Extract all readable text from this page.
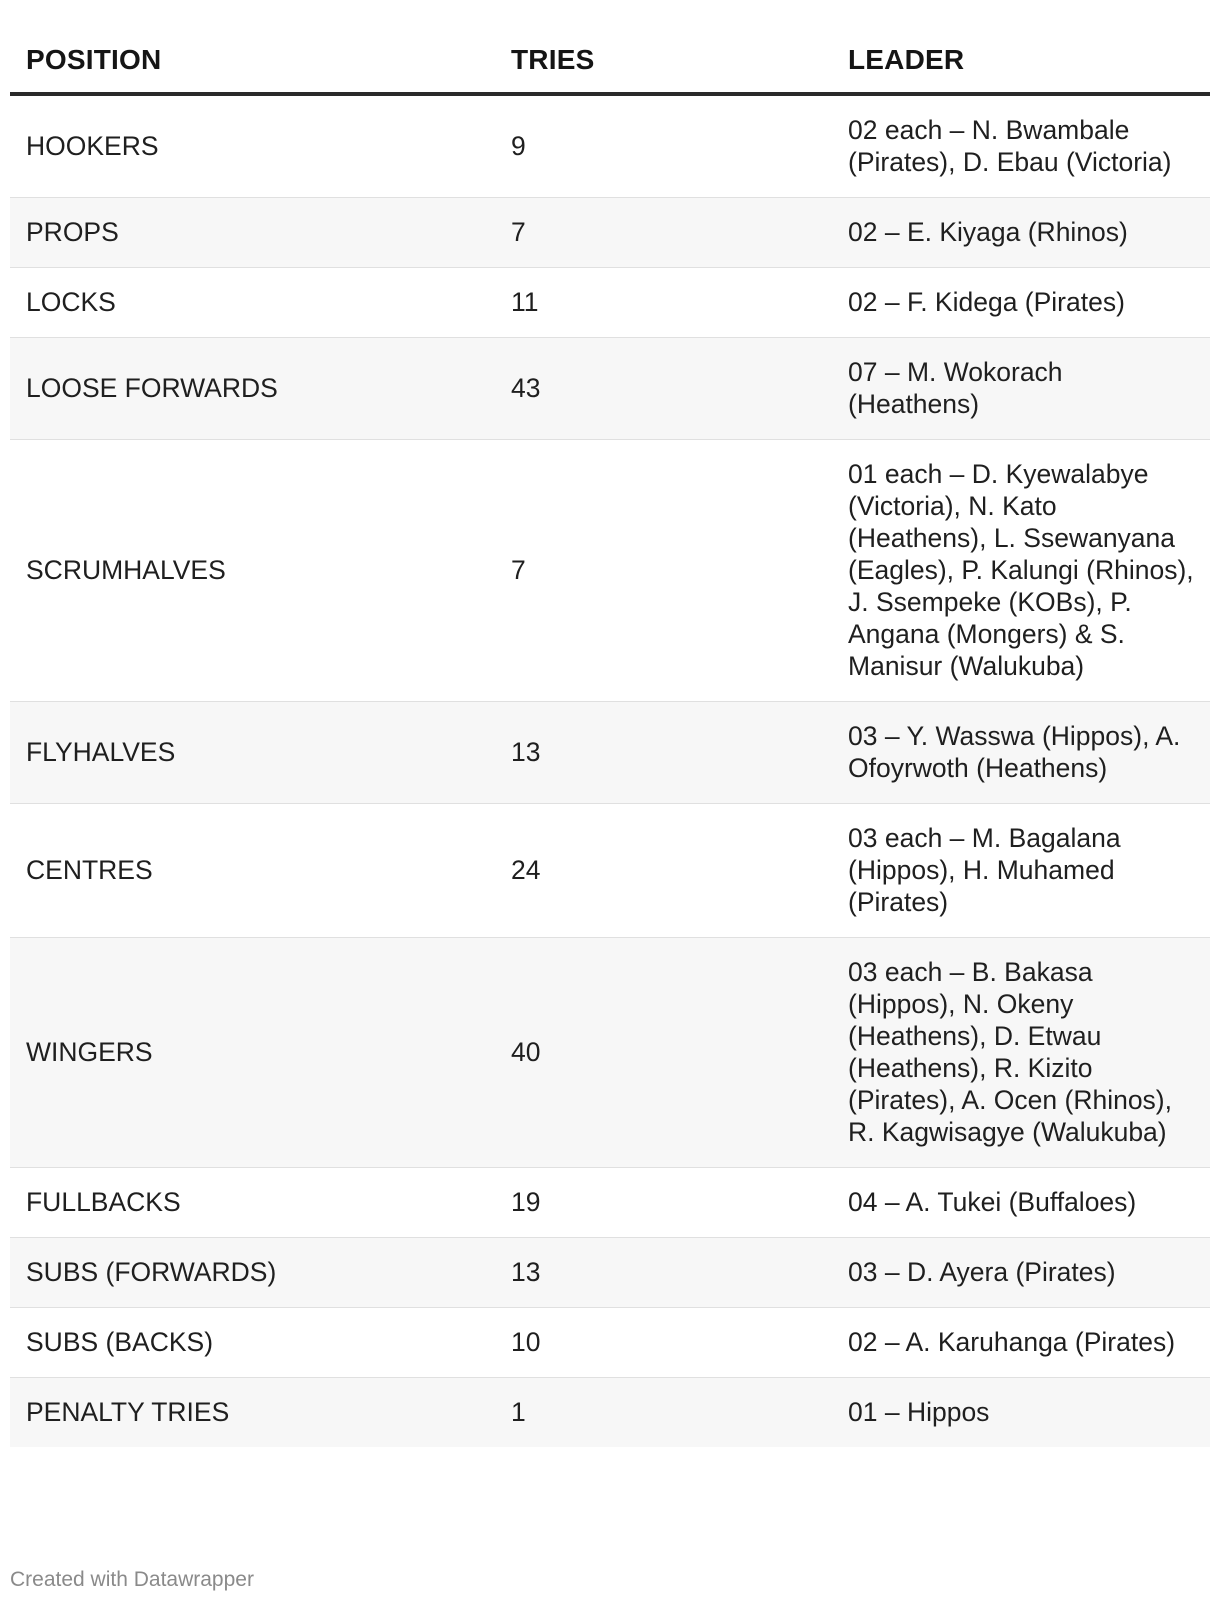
POSITION	TRIES	LEADER
HOOKERS	9	02 each – N. Bwambale (Pirates), D. Ebau (Victoria)
PROPS	7	02 – E. Kiyaga (Rhinos)
LOCKS	11	02 – F. Kidega (Pirates)
LOOSE FORWARDS	43	07 – M. Wokorach (Heathens)
SCRUMHALVES	7	01 each – D. Kyewalabye (Victoria), N. Kato (Heathens), L. Ssewanyana (Eagles), P. Kalungi (Rhinos), J. Ssempeke (KOBs), P. Angana (Mongers) & S. Manisur (Walukuba)
FLYHALVES	13	03 – Y. Wasswa (Hippos), A. Ofoyrwoth (Heathens)
CENTRES	24	03 each – M. Bagalana (Hippos), H. Muhamed (Pirates)
WINGERS	40	03 each – B. Bakasa (Hippos), N. Okeny (Heathens), D. Etwau (Heathens), R. Kizito (Pirates), A. Ocen (Rhinos), R. Kagwisagye (Walukuba)
FULLBACKS	19	04 – A. Tukei (Buffaloes)
SUBS (FORWARDS)	13	03 – D. Ayera (Pirates)
SUBS (BACKS)	10	02 – A. Karuhanga (Pirates)
PENALTY TRIES	1	01 – Hippos
Created with Datawrapper
